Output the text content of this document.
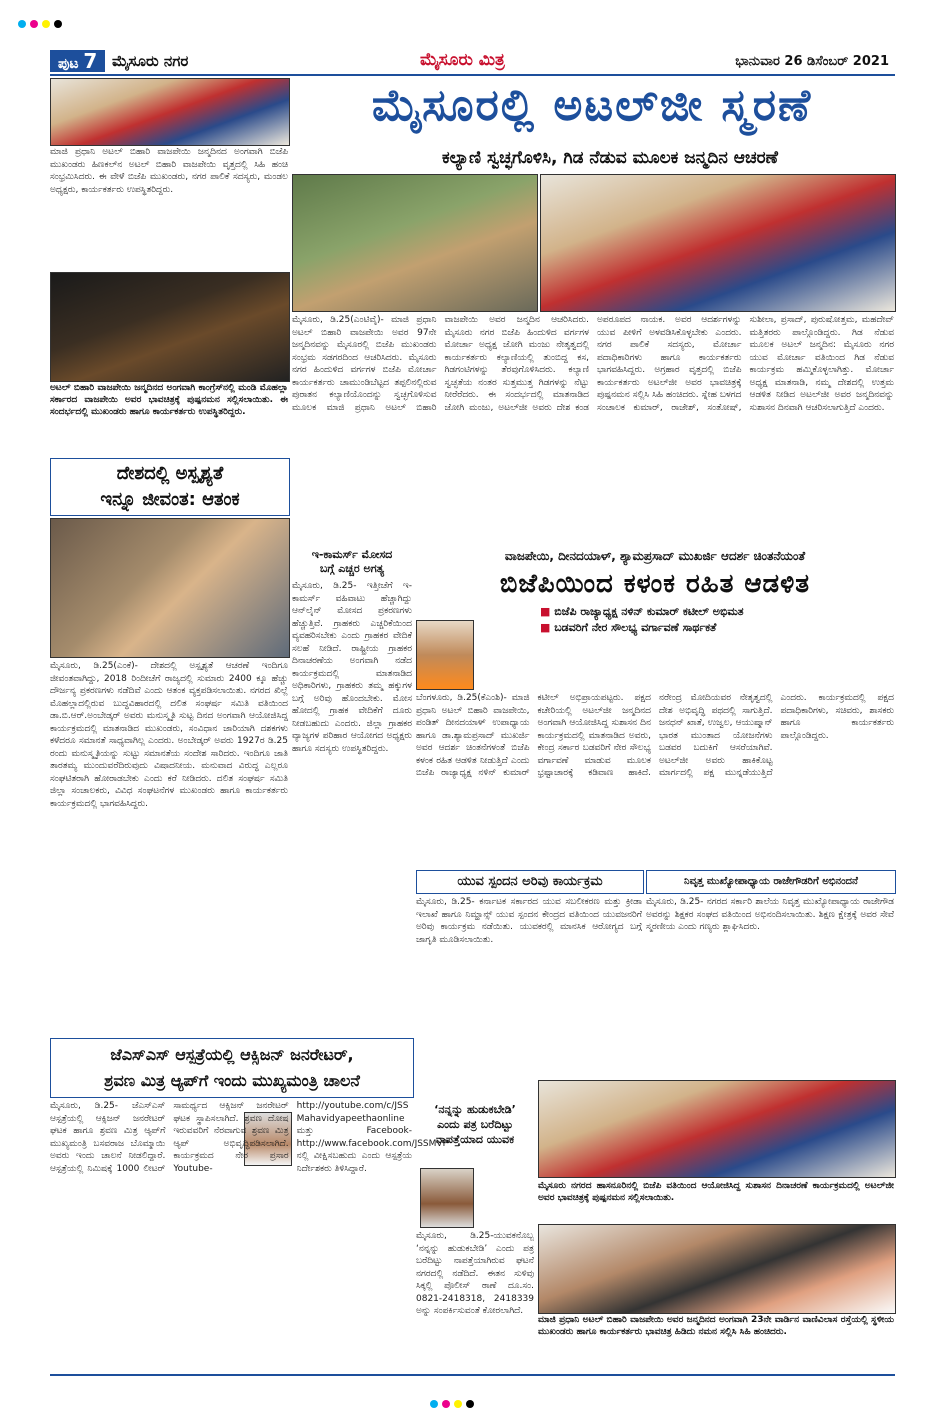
ಪುಟ 7 ಮೈಸೂರು ನಗರ	ಮೈಸೂರು ಮಿತ್ರ	ಭಾನುವಾರ 26 ಡಿಸೆಂಬರ್ 2021
ಮಾಜಿ ಪ್ರಧಾನಿ ಅಟಲ್ ಬಿಹಾರಿ ವಾಜಪೇಯಿ ಜನ್ಮದಿನದ ಅಂಗವಾಗಿ ಬಿಜೆಪಿ ಮುಖಂಡರು ಹಿಣಕಲ್‌ನ ಅಟಲ್ ಬಿಹಾರಿ ವಾಜಪೇಯಿ ವೃತ್ತದಲ್ಲಿ ಸಿಹಿ ಹಂಚಿ ಸಂಭ್ರಮಿಸಿದರು. ಈ ವೇಳೆ ಬಿಜೆಪಿ ಮುಖಂಡರು, ನಗರ ಪಾಲಿಕೆ ಸದಸ್ಯರು, ಮಂಡಲ ಅಧ್ಯಕ್ಷರು, ಕಾರ್ಯಕರ್ತರು ಉಪಸ್ಥಿತರಿದ್ದರು.
ಅಟಲ್ ಬಿಹಾರಿ ವಾಜಪೇಯಿ ಜನ್ಮದಿನದ ಅಂಗವಾಗಿ ಕಾಂಗ್ರೆಸ್‌ನಲ್ಲಿ ಮಂಡಿ ಮೊಹಲ್ಲಾ ಸರ್ಕಾರದ ವಾಜಪೇಯಿ ಅವರ ಭಾವಚಿತ್ರಕ್ಕೆ ಪುಷ್ಪನಮನ ಸಲ್ಲಿಸಲಾಯಿತು. ಈ ಸಂದರ್ಭದಲ್ಲಿ ಮುಖಂಡರು ಹಾಗೂ ಕಾರ್ಯಕರ್ತರು ಉಪಸ್ಥಿತರಿದ್ದರು.
ದೇಶದಲ್ಲಿ ಅಸ್ಪೃಶ್ಯತೆ
ಇನ್ನೂ ಜೀವಂತ: ಆತಂಕ
ಮೈಸೂರು, ಡಿ.25(ಎಂಕೆ)- ದೇಶದಲ್ಲಿ ಅಸ್ಪೃಶ್ಯತೆ ಆಚರಣೆ ಇಂದಿಗೂ ಜೀವಂತವಾಗಿದ್ದು, 2018 ರಿಂದೀಚೆಗೆ ರಾಜ್ಯದಲ್ಲಿ ಸುಮಾರು 2400 ಕ್ಕೂ ಹೆಚ್ಚು ದೌರ್ಜನ್ಯ ಪ್ರಕರಣಗಳು ನಡೆದಿವೆ ಎಂದು ಆತಂಕ ವ್ಯಕ್ತಪಡಿಸಲಾಯಿತು. ನಗರದ ಖಿಲ್ಲೆ ಮೊಹಲ್ಲಾದಲ್ಲಿರುವ ಬುದ್ಧವಿಹಾರದಲ್ಲಿ ದಲಿತ ಸಂಘರ್ಷ ಸಮಿತಿ ವತಿಯಿಂದ ಡಾ.ಬಿ.ಆರ್.ಅಂಬೇಡ್ಕರ್ ಅವರು ಮನುಸ್ಮೃತಿ ಸುಟ್ಟ ದಿನದ ಅಂಗವಾಗಿ ಆಯೋಜಿಸಿದ್ದ ಕಾರ್ಯಕ್ರಮದಲ್ಲಿ ಮಾತನಾಡಿದ ಮುಖಂಡರು, ಸಂವಿಧಾನ ಜಾರಿಯಾಗಿ ದಶಕಗಳು ಕಳೆದರೂ ಸಮಾನತೆ ಸಾಧ್ಯವಾಗಿಲ್ಲ ಎಂದರು. ಅಂಬೇಡ್ಕರ್ ಅವರು 1927ರ ಡಿ.25 ರಂದು ಮನುಸ್ಮೃತಿಯನ್ನು ಸುಟ್ಟು ಸಮಾನತೆಯ ಸಂದೇಶ ಸಾರಿದರು. ಇಂದಿಗೂ ಜಾತಿ ತಾರತಮ್ಯ ಮುಂದುವರೆದಿರುವುದು ವಿಷಾದನೀಯ. ಮನುವಾದ ವಿರುದ್ಧ ಎಲ್ಲರೂ ಸಂಘಟಿತರಾಗಿ ಹೋರಾಡಬೇಕು ಎಂದು ಕರೆ ನೀಡಿದರು. ದಲಿತ ಸಂಘರ್ಷ ಸಮಿತಿ ಜಿಲ್ಲಾ ಸಂಚಾಲಕರು, ವಿವಿಧ ಸಂಘಟನೆಗಳ ಮುಖಂಡರು ಹಾಗೂ ಕಾರ್ಯಕರ್ತರು ಕಾರ್ಯಕ್ರಮದಲ್ಲಿ ಭಾಗವಹಿಸಿದ್ದರು.
ಮೈಸೂರಲ್ಲಿ ಅಟಲ್‌ಜೀ ಸ್ಮರಣೆ
ಕಲ್ಯಾಣಿ ಸ್ವಚ್ಛಗೊಳಿಸಿ, ಗಿಡ ನೆಡುವ ಮೂಲಕ ಜನ್ಮದಿನ ಆಚರಣೆ
ಮೈಸೂರು, ಡಿ.25(ಎಂಟಿವೈ)- ಮಾಜಿ ಪ್ರಧಾನಿ ಅಟಲ್ ಬಿಹಾರಿ ವಾಜಪೇಯಿ ಅವರ 97ನೇ ಜನ್ಮದಿನವನ್ನು ಮೈಸೂರಲ್ಲಿ ಬಿಜೆಪಿ ಮುಖಂಡರು ಸಂಭ್ರಮ ಸಡಗರದಿಂದ ಆಚರಿಸಿದರು. ಮೈಸೂರು ನಗರ ಹಿಂದುಳಿದ ವರ್ಗಗಳ ಬಿಜೆಪಿ ಮೋರ್ಚಾ ಕಾರ್ಯಕರ್ತರು ಚಾಮುಂಡಿಬೆಟ್ಟದ ತಪ್ಪಲಿನಲ್ಲಿರುವ ಪುರಾತನ ಕಲ್ಯಾಣಿಯೊಂದನ್ನು ಸ್ವಚ್ಛಗೊಳಿಸುವ ಮೂಲಕ ಮಾಜಿ ಪ್ರಧಾನಿ ಅಟಲ್ ಬಿಹಾರಿ ವಾಜಪೇಯಿ ಅವರ ಜನ್ಮದಿನ ಆಚರಿಸಿದರು. ಮೈಸೂರು ನಗರ ಬಿಜೆಪಿ ಹಿಂದುಳಿದ ವರ್ಗಗಳ ಮೋರ್ಚಾ ಅಧ್ಯಕ್ಷ ಜೋಗಿ ಮಂಜು ನೇತೃತ್ವದಲ್ಲಿ ಕಾರ್ಯಕರ್ತರು ಕಲ್ಯಾಣಿಯಲ್ಲಿ ತುಂಬಿದ್ದ ಕಸ, ಗಿಡಗಂಟಿಗಳನ್ನು ತೆರವುಗೊಳಿಸಿದರು. ಕಲ್ಯಾಣಿ ಸ್ವಚ್ಛತೆಯ ನಂತರ ಸುತ್ತಮುತ್ತ ಗಿಡಗಳನ್ನು ನೆಟ್ಟು ನೀರೆರೆದರು. ಈ ಸಂದರ್ಭದಲ್ಲಿ ಮಾತನಾಡಿದ ಜೋಗಿ ಮಂಜು, ಅಟಲ್‌ಜೀ ಅವರು ದೇಶ ಕಂಡ ಅಪರೂಪದ ನಾಯಕ. ಅವರ ಆದರ್ಶಗಳನ್ನು ಯುವ ಪೀಳಿಗೆ ಅಳವಡಿಸಿಕೊಳ್ಳಬೇಕು ಎಂದರು. ನಗರ ಪಾಲಿಕೆ ಸದಸ್ಯರು, ಮೋರ್ಚಾ ಪದಾಧಿಕಾರಿಗಳು ಹಾಗೂ ಕಾರ್ಯಕರ್ತರು ಭಾಗವಹಿಸಿದ್ದರು. ಅಗ್ರಹಾರ ವೃತ್ತದಲ್ಲಿ ಬಿಜೆಪಿ ಕಾರ್ಯಕರ್ತರು ಅಟಲ್‌ಜೀ ಅವರ ಭಾವಚಿತ್ರಕ್ಕೆ ಪುಷ್ಪನಮನ ಸಲ್ಲಿಸಿ ಸಿಹಿ ಹಂಚಿದರು. ಸ್ನೇಹ ಬಳಗದ ಸಂಚಾಲಕ ಕುಮಾರ್, ರಾಜೇಶ್, ಸಂತೋಷ್, ಸುಶೀಲಾ, ಪ್ರಸಾದ್, ಪುರುಷೋತ್ತಮ, ಮಹದೇವ್ ಮತ್ತಿತರರು ಪಾಲ್ಗೊಂಡಿದ್ದರು. ಗಿಡ ನೆಡುವ ಮೂಲಕ ಅಟಲ್ ಜನ್ಮದಿನ: ಮೈಸೂರು ನಗರ ಯುವ ಮೋರ್ಚಾ ವತಿಯಿಂದ ಗಿಡ ನೆಡುವ ಕಾರ್ಯಕ್ರಮ ಹಮ್ಮಿಕೊಳ್ಳಲಾಗಿತ್ತು. ಮೋರ್ಚಾ ಅಧ್ಯಕ್ಷ ಮಾತನಾಡಿ, ನಮ್ಮ ದೇಶದಲ್ಲಿ ಉತ್ತಮ ಆಡಳಿತ ನೀಡಿದ ಅಟಲ್‌ಜೀ ಅವರ ಜನ್ಮದಿನವನ್ನು ಸುಶಾಸನ ದಿನವಾಗಿ ಆಚರಿಸಲಾಗುತ್ತಿದೆ ಎಂದರು.
ಇ-ಕಾಮರ್ಸ್ ಮೋಸದ
ಬಗ್ಗೆ ಎಚ್ಚರ ಅಗತ್ಯ
ಮೈಸೂರು, ಡಿ.25- ಇತ್ತೀಚೆಗೆ ಇ-ಕಾಮರ್ಸ್ ವಹಿವಾಟು ಹೆಚ್ಚಾಗಿದ್ದು ಆನ್‌ಲೈನ್ ಮೋಸದ ಪ್ರಕರಣಗಳು ಹೆಚ್ಚುತ್ತಿವೆ. ಗ್ರಾಹಕರು ಎಚ್ಚರಿಕೆಯಿಂದ ವ್ಯವಹರಿಸಬೇಕು ಎಂದು ಗ್ರಾಹಕರ ವೇದಿಕೆ ಸಲಹೆ ನೀಡಿದೆ. ರಾಷ್ಟ್ರೀಯ ಗ್ರಾಹಕರ ದಿನಾಚರಣೆಯ ಅಂಗವಾಗಿ ನಡೆದ ಕಾರ್ಯಕ್ರಮದಲ್ಲಿ ಮಾತನಾಡಿದ ಅಧಿಕಾರಿಗಳು, ಗ್ರಾಹಕರು ತಮ್ಮ ಹಕ್ಕುಗಳ ಬಗ್ಗೆ ಅರಿವು ಹೊಂದಬೇಕು. ಮೋಸ ಹೋದಲ್ಲಿ ಗ್ರಾಹಕ ವೇದಿಕೆಗೆ ದೂರು ನೀಡಬಹುದು ಎಂದರು. ಜಿಲ್ಲಾ ಗ್ರಾಹಕರ ವ್ಯಾಜ್ಯಗಳ ಪರಿಹಾರ ಆಯೋಗದ ಅಧ್ಯಕ್ಷರು ಹಾಗೂ ಸದಸ್ಯರು ಉಪಸ್ಥಿತರಿದ್ದರು.
ವಾಜಪೇಯಿ, ದೀನದಯಾಳ್, ಶ್ಯಾಮಪ್ರಸಾದ್ ಮುಖರ್ಜಿ ಆದರ್ಶ ಚಿಂತನೆಯಂತೆ
ಬಿಜೆಪಿಯಿಂದ ಕಳಂಕ ರಹಿತ ಆಡಳಿತ
■ ಬಿಜೆಪಿ ರಾಜ್ಯಾಧ್ಯಕ್ಷ ನಳಿನ್ ಕುಮಾರ್ ಕಟೀಲ್ ಅಭಿಮತ
■ ಬಡವರಿಗೆ ನೇರ ಸೌಲಭ್ಯ ವರ್ಗಾವಣೆ ಸಾರ್ಥಕತೆ
ಬೆಂಗಳೂರು, ಡಿ.25(ಕೆಎಂಶಿ)- ಮಾಜಿ ಪ್ರಧಾನಿ ಅಟಲ್ ಬಿಹಾರಿ ವಾಜಪೇಯಿ, ಪಂಡಿತ್ ದೀನದಯಾಳ್ ಉಪಾಧ್ಯಾಯ ಹಾಗೂ ಡಾ.ಶ್ಯಾಮಪ್ರಸಾದ್ ಮುಖರ್ಜಿ ಅವರ ಆದರ್ಶ ಚಿಂತನೆಗಳಂತೆ ಬಿಜೆಪಿ ಕಳಂಕ ರಹಿತ ಆಡಳಿತ ನೀಡುತ್ತಿದೆ ಎಂದು ಬಿಜೆಪಿ ರಾಜ್ಯಾಧ್ಯಕ್ಷ ನಳಿನ್ ಕುಮಾರ್ ಕಟೀಲ್ ಅಭಿಪ್ರಾಯಪಟ್ಟರು. ಪಕ್ಷದ ಕಚೇರಿಯಲ್ಲಿ ಅಟಲ್‌ಜೀ ಜನ್ಮದಿನದ ಅಂಗವಾಗಿ ಆಯೋಜಿಸಿದ್ದ ಸುಶಾಸನ ದಿನ ಕಾರ್ಯಕ್ರಮದಲ್ಲಿ ಮಾತನಾಡಿದ ಅವರು, ಕೇಂದ್ರ ಸರ್ಕಾರ ಬಡವರಿಗೆ ನೇರ ಸೌಲಭ್ಯ ವರ್ಗಾವಣೆ ಮಾಡುವ ಮೂಲಕ ಭ್ರಷ್ಟಾಚಾರಕ್ಕೆ ಕಡಿವಾಣ ಹಾಕಿದೆ. ನರೇಂದ್ರ ಮೋದಿಯವರ ನೇತೃತ್ವದಲ್ಲಿ ದೇಶ ಅಭಿವೃದ್ಧಿ ಪಥದಲ್ಲಿ ಸಾಗುತ್ತಿದೆ. ಜನಧನ್ ಖಾತೆ, ಉಜ್ವಲ, ಆಯುಷ್ಮಾನ್ ಭಾರತ ಮುಂತಾದ ಯೋಜನೆಗಳು ಬಡವರ ಬದುಕಿಗೆ ಆಸರೆಯಾಗಿವೆ. ಅಟಲ್‌ಜೀ ಅವರು ಹಾಕಿಕೊಟ್ಟ ಮಾರ್ಗದಲ್ಲಿ ಪಕ್ಷ ಮುನ್ನಡೆಯುತ್ತಿದೆ ಎಂದರು. ಕಾರ್ಯಕ್ರಮದಲ್ಲಿ ಪಕ್ಷದ ಪದಾಧಿಕಾರಿಗಳು, ಸಚಿವರು, ಶಾಸಕರು ಹಾಗೂ ಕಾರ್ಯಕರ್ತರು ಪಾಲ್ಗೊಂಡಿದ್ದರು.
ಯುವ ಸ್ಪಂದನ ಅರಿವು ಕಾರ್ಯಕ್ರಮ
ಮೈಸೂರು, ಡಿ.25- ಕರ್ನಾಟಕ ಸರ್ಕಾರದ ಯುವ ಸಬಲೀಕರಣ ಮತ್ತು ಕ್ರೀಡಾ ಇಲಾಖೆ ಹಾಗೂ ನಿಮ್ಹಾನ್ಸ್ ಯುವ ಸ್ಪಂದನ ಕೇಂದ್ರದ ವತಿಯಿಂದ ಯುವಜನರಿಗೆ ಅರಿವು ಕಾರ್ಯಕ್ರಮ ನಡೆಯಿತು. ಯುವಕರಲ್ಲಿ ಮಾನಸಿಕ ಆರೋಗ್ಯದ ಬಗ್ಗೆ ಜಾಗೃತಿ ಮೂಡಿಸಲಾಯಿತು.
ನಿವೃತ್ತ ಮುಖ್ಯೋಪಾಧ್ಯಾಯ ರಾಜೇಗೌಡರಿಗೆ ಅಭಿನಂದನೆ
ಮೈಸೂರು, ಡಿ.25- ನಗರದ ಸರ್ಕಾರಿ ಶಾಲೆಯ ನಿವೃತ್ತ ಮುಖ್ಯೋಪಾಧ್ಯಾಯ ರಾಜೇಗೌಡ ಅವರನ್ನು ಶಿಕ್ಷಕರ ಸಂಘದ ವತಿಯಿಂದ ಅಭಿನಂದಿಸಲಾಯಿತು. ಶಿಕ್ಷಣ ಕ್ಷೇತ್ರಕ್ಕೆ ಅವರ ಸೇವೆ ಸ್ಮರಣೀಯ ಎಂದು ಗಣ್ಯರು ಶ್ಲಾಘಿಸಿದರು.
ಜೆಎಸ್‌ಎಸ್ ಆಸ್ಪತ್ರೆಯಲ್ಲಿ ಆಕ್ಸಿಜನ್ ಜನರೇಟರ್,
ಶ್ರವಣ ಮಿತ್ರ ಆ್ಯಪ್‌ಗೆ ಇಂದು ಮುಖ್ಯಮಂತ್ರಿ ಚಾಲನೆ
ಮೈಸೂರು, ಡಿ.25- ಜೆಎಸ್‌ಎಸ್ ಆಸ್ಪತ್ರೆಯಲ್ಲಿ ಆಕ್ಸಿಜನ್ ಜನರೇಟರ್ ಘಟಕ ಹಾಗೂ ಶ್ರವಣ ಮಿತ್ರ ಆ್ಯಪ್‌ಗೆ ಮುಖ್ಯಮಂತ್ರಿ ಬಸವರಾಜ ಬೊಮ್ಮಾಯಿ ಅವರು ಇಂದು ಚಾಲನೆ ನೀಡಲಿದ್ದಾರೆ. ಆಸ್ಪತ್ರೆಯಲ್ಲಿ ನಿಮಿಷಕ್ಕೆ 1000 ಲೀಟರ್ ಸಾಮರ್ಥ್ಯದ ಆಕ್ಸಿಜನ್ ಜನರೇಟರ್ ಘಟಕ ಸ್ಥಾಪಿಸಲಾಗಿದೆ. ಶ್ರವಣ ದೋಷ ಇರುವವರಿಗೆ ನೆರವಾಗುವ ಶ್ರವಣ ಮಿತ್ರ ಆ್ಯಪ್ ಅಭಿವೃದ್ಧಿಪಡಿಸಲಾಗಿದೆ. ಕಾರ್ಯಕ್ರಮದ ನೇರ ಪ್ರಸಾರ Youtube-http://youtube.com/c/JSS Mahavidyapeethaonline ಮತ್ತು Facebook-http://www.facebook.com/JSSMVP ನಲ್ಲಿ ವೀಕ್ಷಿಸಬಹುದು ಎಂದು ಆಸ್ಪತ್ರೆಯ ನಿರ್ದೇಶಕರು ತಿಳಿಸಿದ್ದಾರೆ.
‘ನನ್ನನ್ನು ಹುಡುಕಬೇಡಿ’
ಎಂದು ಪತ್ರ ಬರೆದಿಟ್ಟು
ನಾಪತ್ತೆಯಾದ ಯುವಕ
ಮೈಸೂರು, ಡಿ.25-ಯುವಕನೊಬ್ಬ ‘ನನ್ನನ್ನು ಹುಡುಕಬೇಡಿ’ ಎಂದು ಪತ್ರ ಬರೆದಿಟ್ಟು ನಾಪತ್ತೆಯಾಗಿರುವ ಘಟನೆ ನಗರದಲ್ಲಿ ನಡೆದಿದೆ. ಈತನ ಸುಳಿವು ಸಿಕ್ಕಲ್ಲಿ ಪೊಲೀಸ್ ಠಾಣೆ ದೂ.ಸಂ. 0821-2418318, 2418339 ಅನ್ನು ಸಂಪರ್ಕಿಸುವಂತೆ ಕೋರಲಾಗಿದೆ.
ಮೈಸೂರು ನಗರದ ಹಾಸನೂರಿನಲ್ಲಿ ಬಿಜೆಪಿ ವತಿಯಿಂದ ಆಯೋಜಿಸಿದ್ದ ಸುಶಾಸನ ದಿನಾಚರಣೆ ಕಾರ್ಯಕ್ರಮದಲ್ಲಿ ಅಟಲ್‌ಜೀ ಅವರ ಭಾವಚಿತ್ರಕ್ಕೆ ಪುಷ್ಪನಮನ ಸಲ್ಲಿಸಲಾಯಿತು.
ಮಾಜಿ ಪ್ರಧಾನಿ ಅಟಲ್ ಬಿಹಾರಿ ವಾಜಪೇಯಿ ಅವರ ಜನ್ಮದಿನದ ಅಂಗವಾಗಿ 23ನೇ ವಾರ್ಡಿನ ವಾಣಿವಿಲಾಸ ರಸ್ತೆಯಲ್ಲಿ ಸ್ಥಳೀಯ ಮುಖಂಡರು ಹಾಗೂ ಕಾರ್ಯಕರ್ತರು ಭಾವಚಿತ್ರ ಹಿಡಿದು ನಮನ ಸಲ್ಲಿಸಿ ಸಿಹಿ ಹಂಚಿದರು.
